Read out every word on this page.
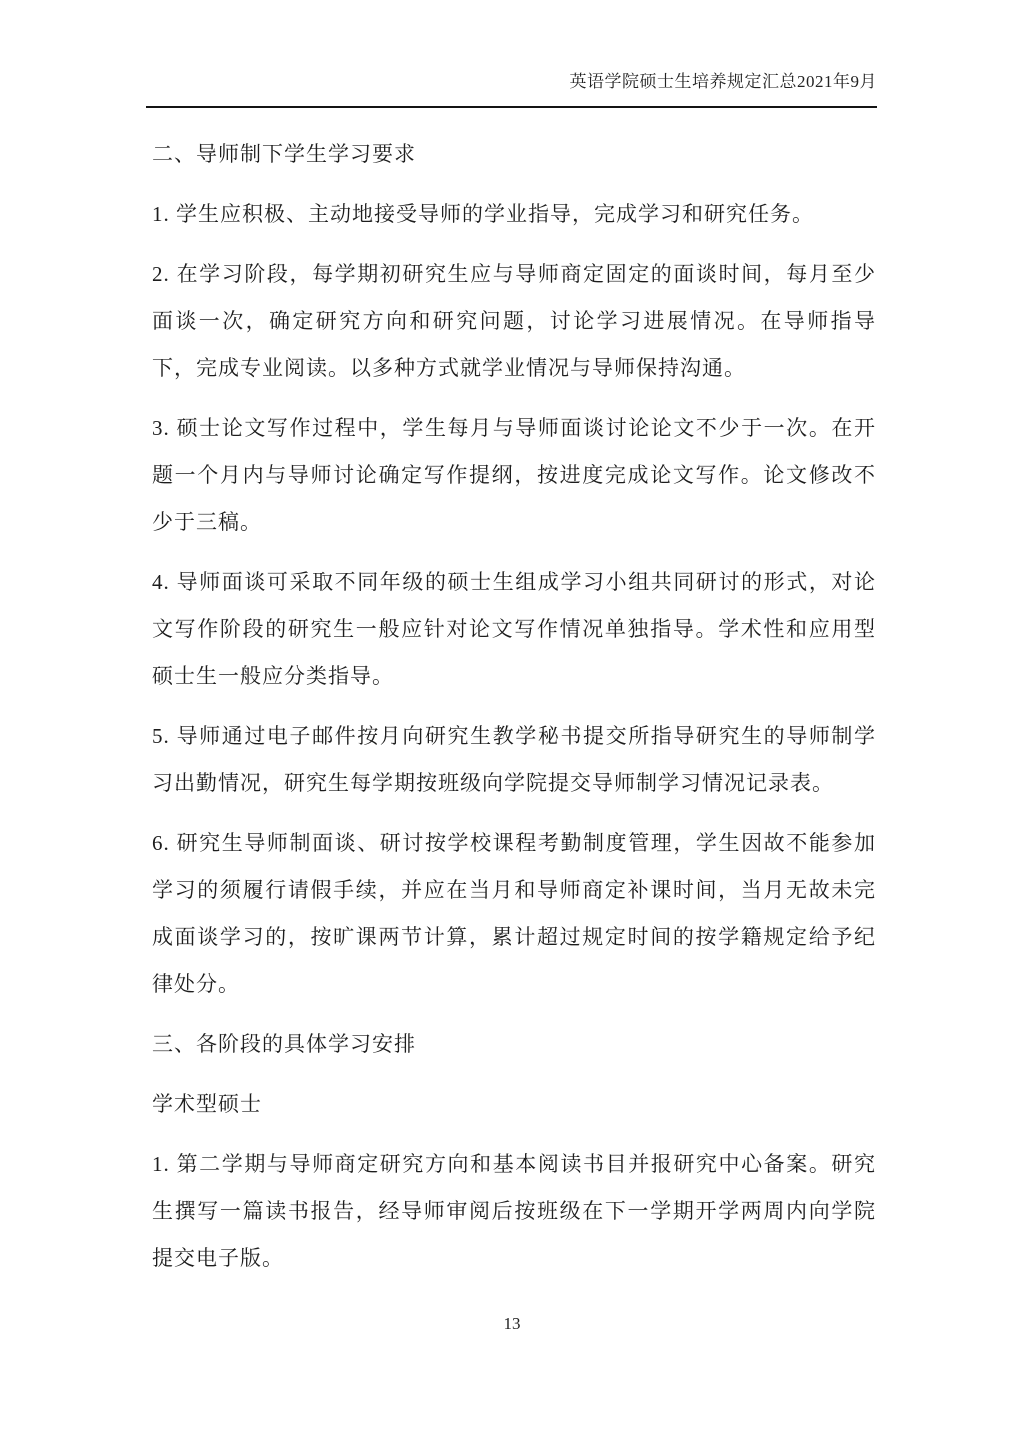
英语学院硕士生培养规定汇总2021年9月

二、导师制下学生学习要求

1. 学生应积极、主动地接受导师的学业指导，完成学习和研究任务。

2. 在学习阶段，每学期初研究生应与导师商定固定的面谈时间，每月至少面谈一次，确定研究方向和研究问题，讨论学习进展情况。在导师指导下，完成专业阅读。以多种方式就学业情况与导师保持沟通。

3. 硕士论文写作过程中，学生每月与导师面谈讨论论文不少于一次。在开题一个月内与导师讨论确定写作提纲，按进度完成论文写作。论文修改不少于三稿。

4. 导师面谈可采取不同年级的硕士生组成学习小组共同研讨的形式，对论文写作阶段的研究生一般应针对论文写作情况单独指导。学术性和应用型硕士生一般应分类指导。

5. 导师通过电子邮件按月向研究生教学秘书提交所指导研究生的导师制学习出勤情况，研究生每学期按班级向学院提交导师制学习情况记录表。

6. 研究生导师制面谈、研讨按学校课程考勤制度管理，学生因故不能参加学习的须履行请假手续，并应在当月和导师商定补课时间，当月无故未完成面谈学习的，按旷课两节计算，累计超过规定时间的按学籍规定给予纪律处分。

三、各阶段的具体学习安排

学术型硕士

1. 第二学期与导师商定研究方向和基本阅读书目并报研究中心备案。研究生撰写一篇读书报告，经导师审阅后按班级在下一学期开学两周内向学院提交电子版。

13
